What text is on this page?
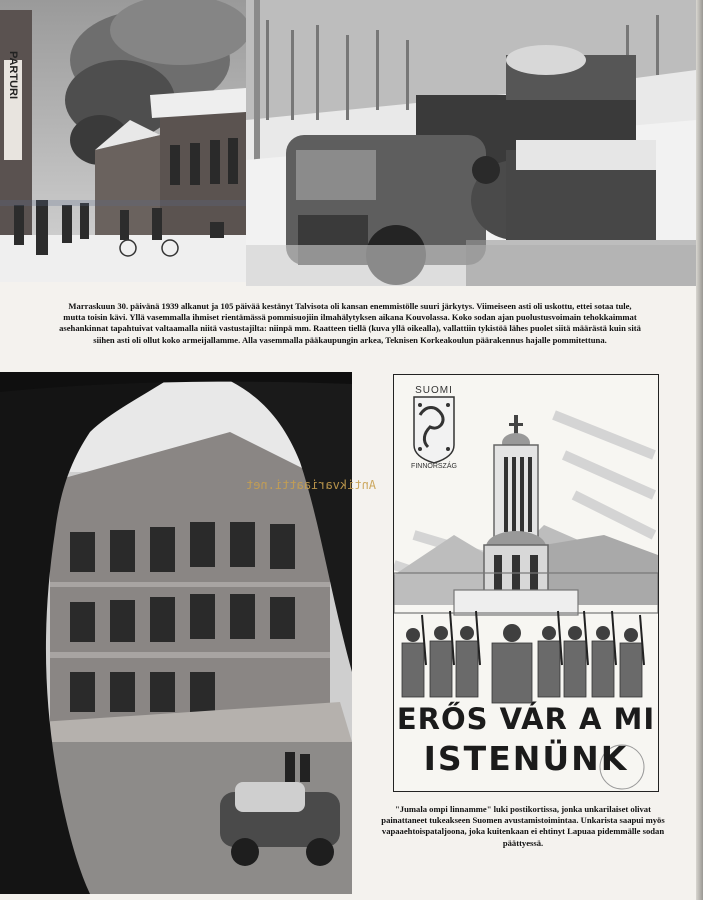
PARTURI

Marraskuun 30. päivänä 1939 alkanut ja 105 päivää kestänyt Talvisota oli kansan enemmistölle suuri järkytys. Viimeiseen asti oli uskottu, ettei sotaa tule, mutta toisin kävi. Yllä vasemmalla ihmiset rientämässä pommisuojiin ilmahälytyksen aikana Kouvolassa. Koko sodan ajan puolustusvoimain tehokkaimmat asehankinnat tapahtuivat valtaamalla niitä vastustajilta: niinpä mm. Raatteen tiellä (kuva yllä oikealla), vallattiin tykistöä lähes puolet siitä määrästä kuin sitä siihen asti oli ollut koko armeijallamme. Alla vasemmalla pääkaupungin arkea, Teknisen Korkeakoulun päärakennus hajalle pommitettuna.

SUOMI
FINNORSZÁG
ERŐS VÁR A MI
ISTENÜNK

"Jumala ompi linnamme" luki postikortissa, jonka unkarilaiset olivat painattaneet tukeakseen Suomen avustamistoimintaa. Unkarista saapui myös vapaaehtoispataljoona, joka kuitenkaan ei ehtinyt Lapuaa pidemmälle sodan päättyessä.

Antikvariaatti.net
